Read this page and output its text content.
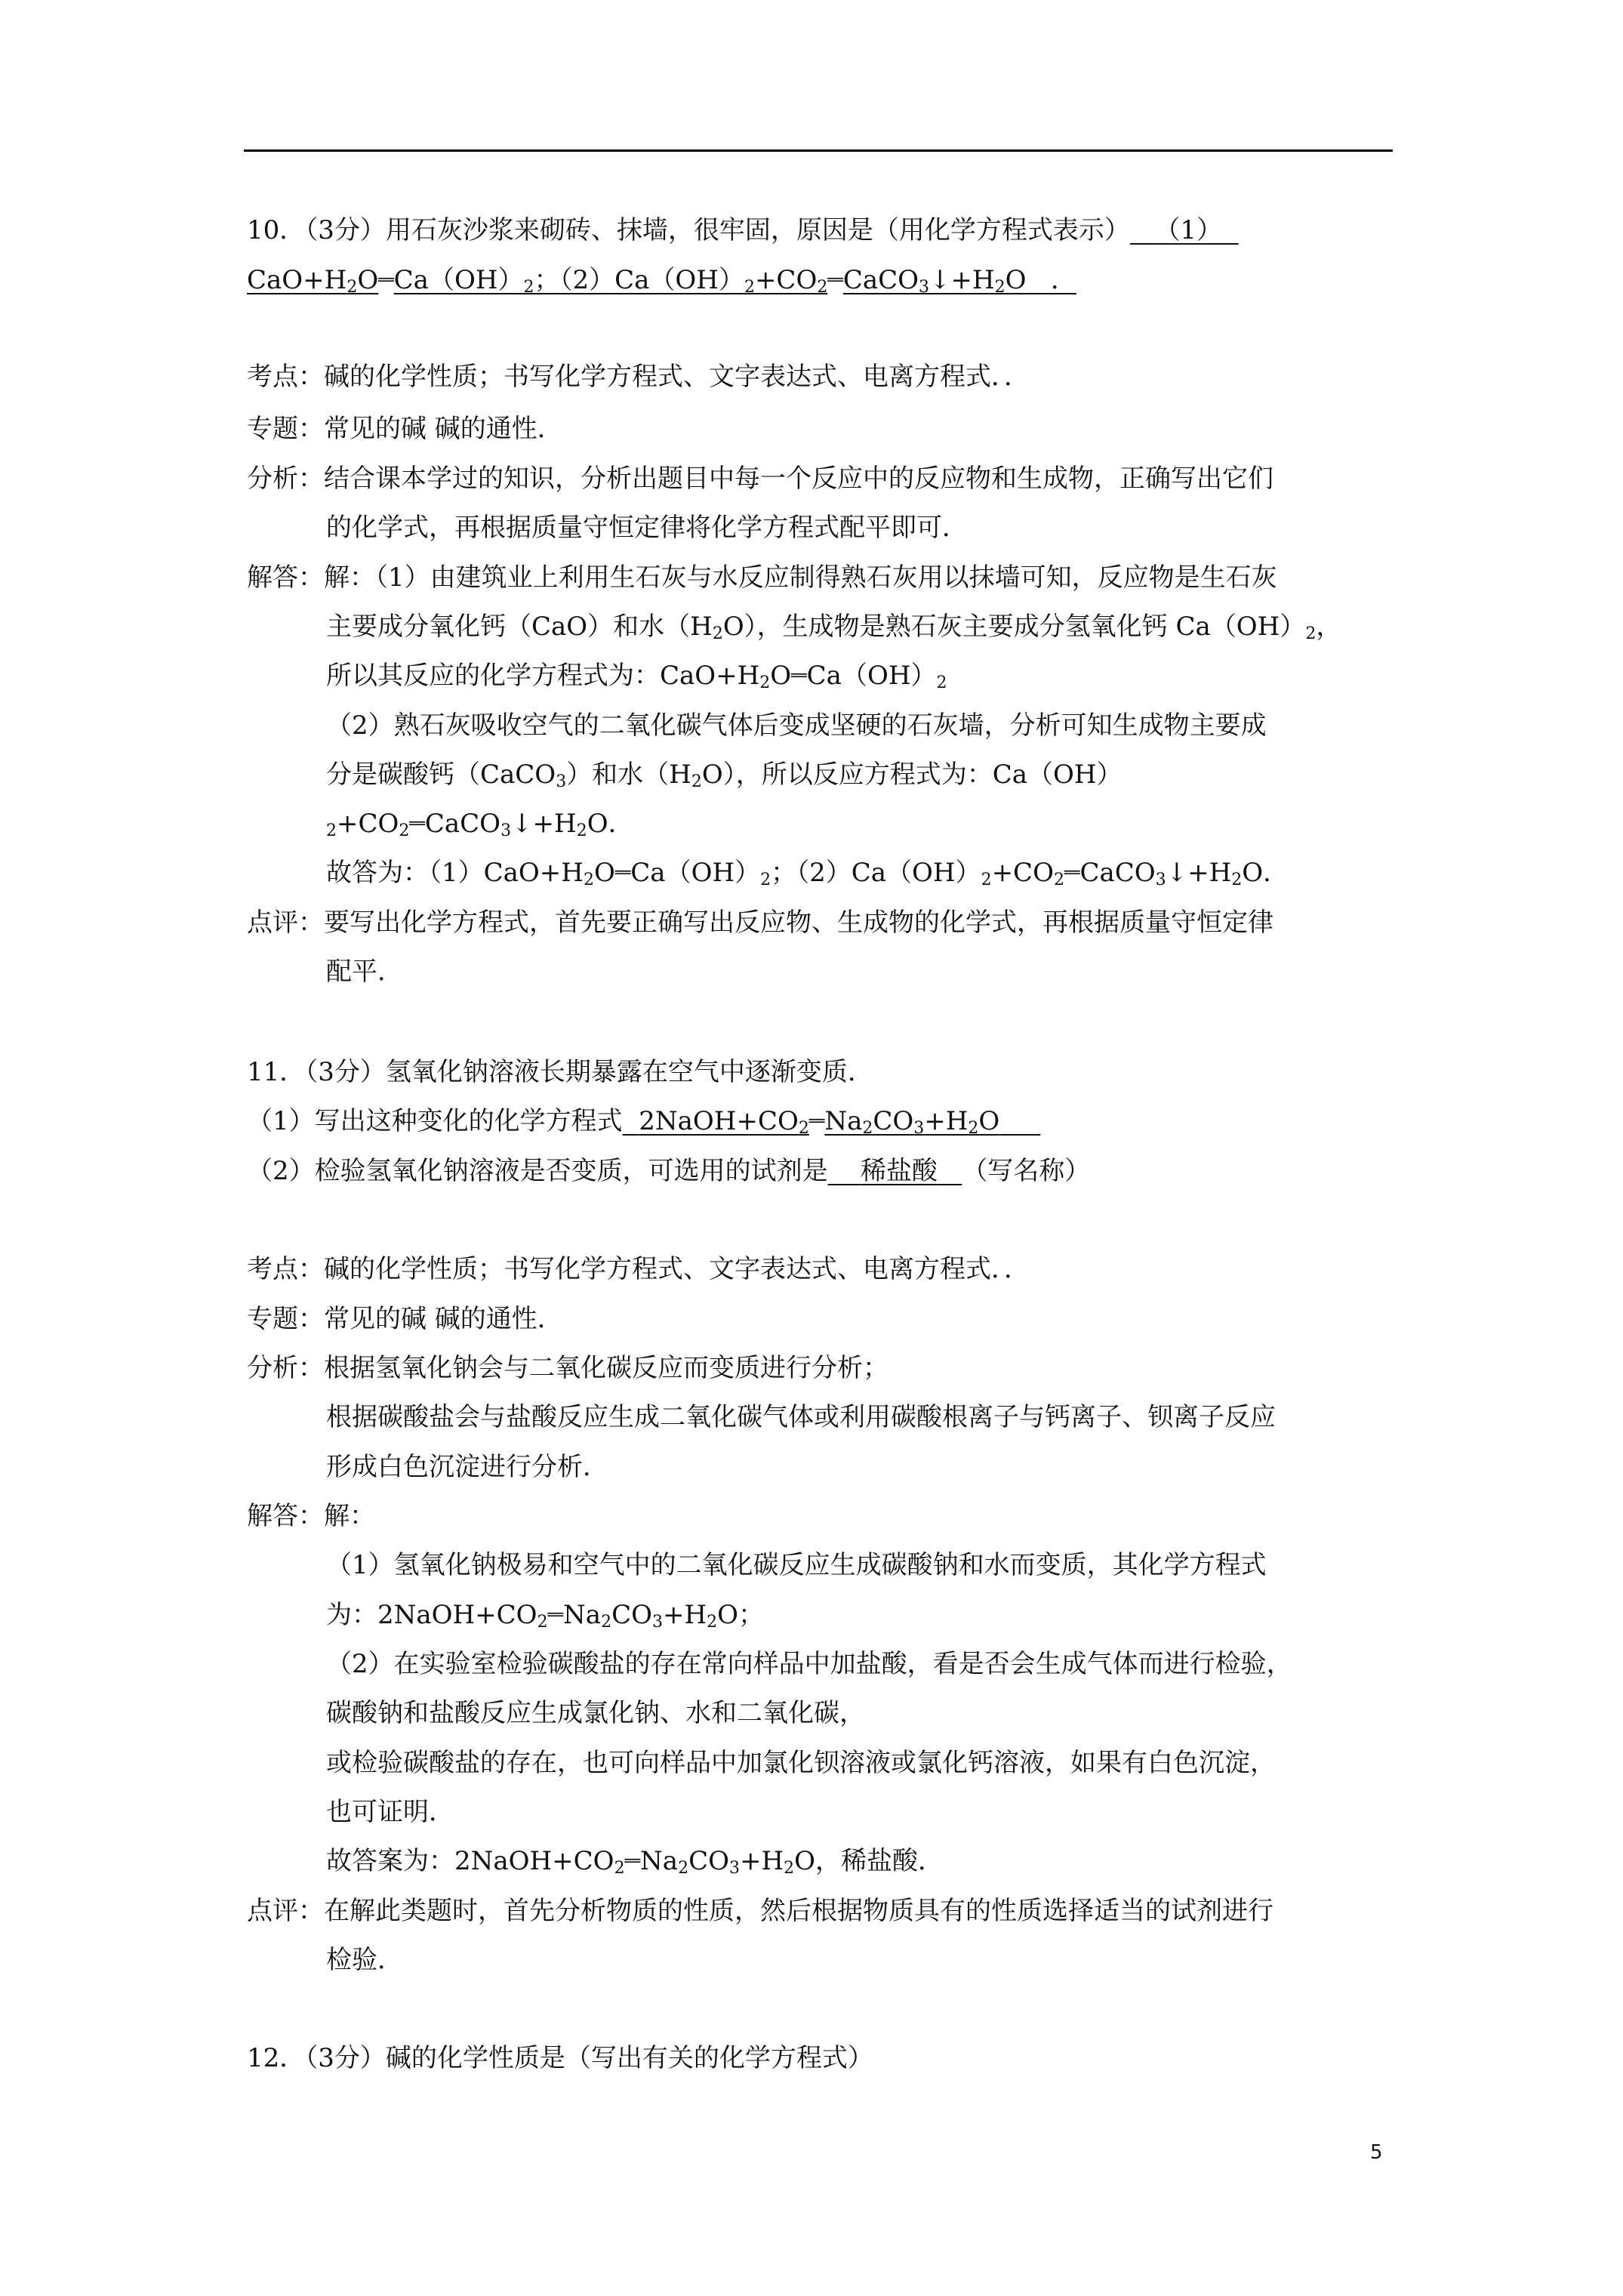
10．（3分）用石灰沙浆来砌砖、抹墙，很牢固，原因是（用化学方程式表示） （1）
$CaO+H_2O═Ca(OH)_2$；$(2)Ca(OH)_2+CO_2═CaCO_3↓+H_2O$ ．
考点：碱的化学性质；书写化学方程式、文字表达式、电离方程式．．
专题：常见的碱 碱的通性．
分析：结合课本学过的知识，分析出题目中每一个反应中的反应物和生成物，正确写出它们
的化学式，再根据质量守恒定律将化学方程式配平即可．
解答：解：（1）由建筑业上利用生石灰与水反应制得熟石灰用以抹墙可知，反应物是生石灰
主要成分氧化钙（CaO）和水$(H_2O)$，生成物是熟石灰主要成分氢氧化钙 $Ca(OH)_2$，
所以其反应的化学方程式为：$CaO+H_2O═Ca(OH)_2$
（2）熟石灰吸收空气的二氧化碳气体后变成坚硬的石灰墙，分析可知生成物主要成
分是碳酸钙（CaCO$_3$）和水$(H_2O)$，所以反应方程式为：Ca（OH）
$_2+CO_2═CaCO_3↓+H_2O$．
故答为：$(1)CaO+H_2O═Ca(OH)_2$；$(2)Ca(OH)_2+CO_2═CaCO_3↓+H_2O$．
点评：要写出化学方程式，首先要正确写出反应物、生成物的化学式，再根据质量守恒定律
配平．
11．（3分）氢氧化钠溶液长期暴露在空气中逐渐变质．
（1）写出这种变化的化学方程式 $2NaOH+CO_2═Na_2CO_3+H_2O$
（2）检验氢氧化钠溶液是否变质，可选用的试剂是 稀盐酸 （写名称）
考点：碱的化学性质；书写化学方程式、文字表达式、电离方程式．．
专题：常见的碱 碱的通性．
分析：根据氢氧化钠会与二氧化碳反应而变质进行分析；
根据碳酸盐会与盐酸反应生成二氧化碳气体或利用碳酸根离子与钙离子、钡离子反应
形成白色沉淀进行分析．
解答：解：
（1）氢氧化钠极易和空气中的二氧化碳反应生成碳酸钠和水而变质，其化学方程式
为：$2NaOH+CO_2═Na_2CO_3+H_2O$；
（2）在实验室检验碳酸盐的存在常向样品中加盐酸，看是否会生成气体而进行检验，
碳酸钠和盐酸反应生成氯化钠、水和二氧化碳，
或检验碳酸盐的存在，也可向样品中加氯化钡溶液或氯化钙溶液，如果有白色沉淀，
也可证明．
故答案为：$2NaOH+CO_2═Na_2CO_3+H_2O$，稀盐酸．
点评：在解此类题时，首先分析物质的性质，然后根据物质具有的性质选择适当的试剂进行
检验．
12．（3分）碱的化学性质是（写出有关的化学方程式）
5
